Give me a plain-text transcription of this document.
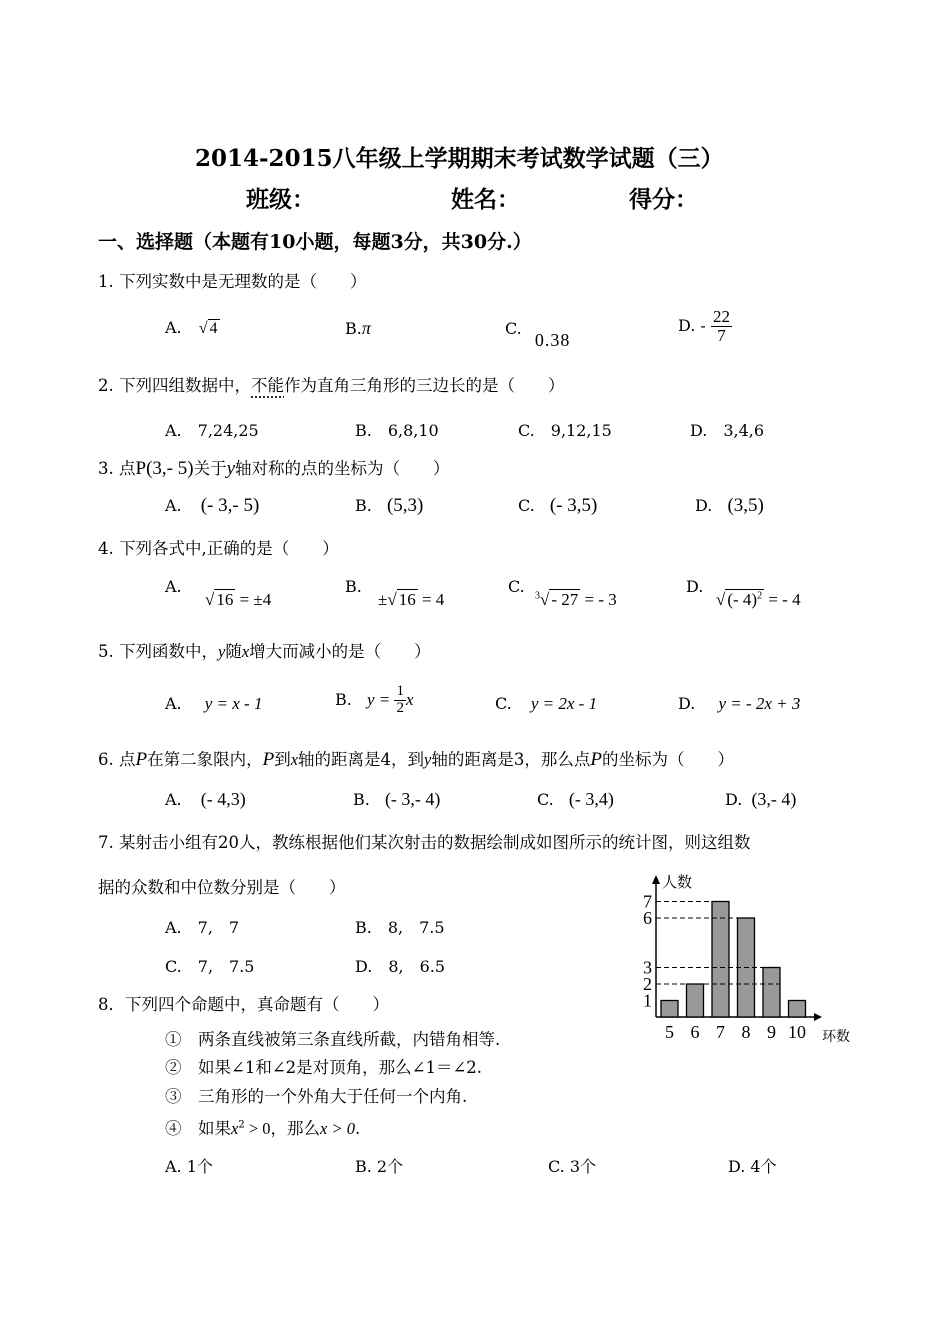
2014-2015八年级上学期期末考试数学试题（三）
班级：	姓名：	得分：
一、选择题（本题有10小题，每题3分，共30分.）
1. 下列实数中是无理数的是（　　）
A. √ 4	B.π	C. 0.38
D. - $\frac{22}{7}$
2. 下列四组数据中，不能作为直角三角形的三边长的是（　　）
A.　7,24,25	B.　6,8,10	C.　9,12,15	D.　3,4,6
3. 点P(3,- 5)关于y轴对称的点的坐标为（　　）
A. (- 3,- 5)	B. (5,3)	C. (- 3,5)	D. (3,5)
4. 下列各式中,正确的是（　　）
A.
√ 16 = ±4
B.
±√ 16 = 4
C. $^3$√ - 27 = - 3
D.
√ (- 4)$^2$ = - 4
5. 下列函数中，y随x增大而减小的是（　　）
A. y = x - 1	B. $y = \frac{1}{2}$ x	C. y = 2x - 1	D. y = - 2x + 3
6. 点P在第二象限内，P到x轴的距离是4，到y轴的距离是3，那么点P的坐标为（　　）
A. (- 4,3)	B. (- 3,- 4)	C. (- 3,4)	D. (3,- 4)
7. 某射击小组有20人，教练根据他们某次射击的数据绘制成如图所示的统计图，则这组数
据的众数和中位数分别是（　　）
A.　7,　7	B.　8,　7.5
C.　7,　7.5	D.　8,　6.5
人数
环数
5 6 7 8 9 10
1
2
3
6
7
8．下列四个命题中，真命题有（　　）
①　两条直线被第三条直线所截，内错角相等.
②　如果∠1和∠2是对顶角，那么∠1＝∠2.
③　三角形的一个外角大于任何一个内角.
④　如果$x^2 > 0$，那么x > 0.
A. 1个	B. 2个	C. 3个	D. 4个
